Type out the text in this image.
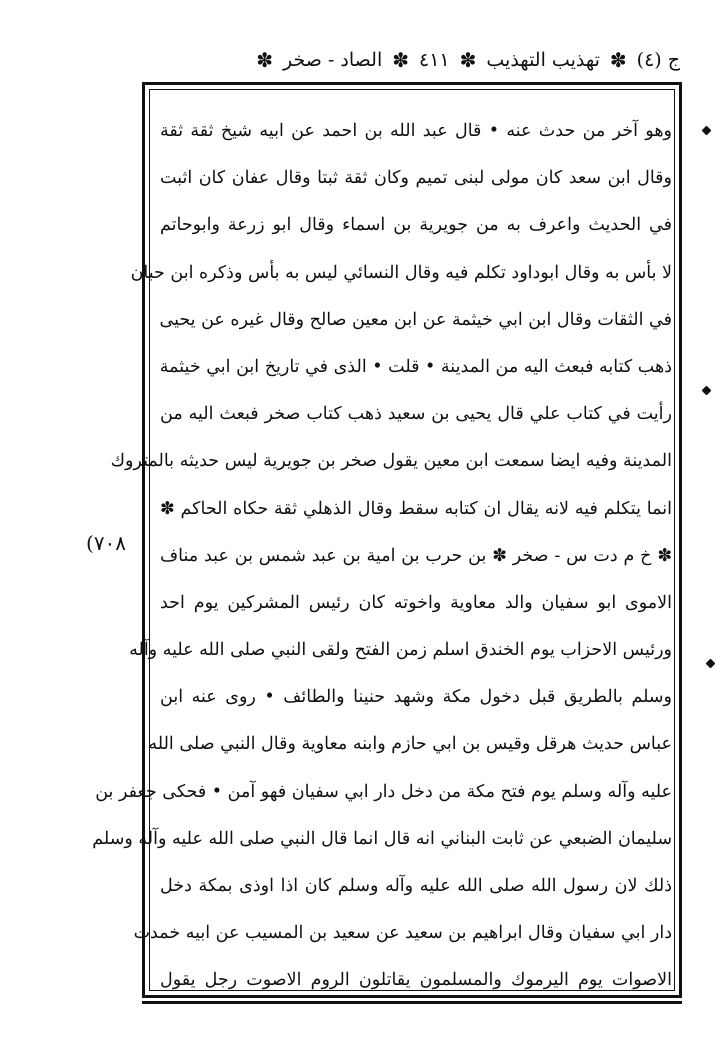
ج (٤)
✽
تهذيب التهذيب
✽
٤١١
✽
الصاد - صخر
✽
وهو آخر من حدث عنه • قال عبد الله بن احمد عن ابيه شيخ ثقة ثقة
وقال ابن سعد كان مولى لبنى تميم وكان ثقة ثبتا وقال عفان كان اثبت
في الحديث واعرف به من جويرية بن اسماء وقال ابو زرعة وابوحاتم
لا بأس به وقال ابوداود تكلم فيه وقال النسائي ليس به بأس وذكره ابن حبان
في الثقات وقال ابن ابي خيثمة عن ابن معين صالح وقال غيره عن يحيى
ذهب كتابه فبعث اليه من المدينة • قلت • الذى في تاريخ ابن ابي خيثمة
رأيت في كتاب علي قال يحيى بن سعيد ذهب كتاب صخر فبعث اليه من
المدينة وفيه ايضا سمعت ابن معين يقول صخر بن جويرية ليس حديثه بالمتروك
انما يتكلم فيه لانه يقال ان كتابه سقط وقال الذهلي ثقة حكاه الحاكم ✽
✽ خ م دت س - صخر ✽ بن حرب بن امية بن عبد شمس بن عبد مناف
الاموى ابو سفيان والد معاوية واخوته كان رئيس المشركين يوم احد
ورئيس الاحزاب يوم الخندق اسلم زمن الفتح ولقى النبي صلى الله عليه وآله
وسلم بالطريق قبل دخول مكة وشهد حنينا والطائف • روى عنه ابن
عباس حديث هرقل وقيس بن ابي حازم وابنه معاوية وقال النبي صلى الله
عليه وآله وسلم يوم فتح مكة من دخل دار ابي سفيان فهو آمن • فحكى جعفر بن
سليمان الضبعي عن ثابت البناني انه قال انما قال النبي صلى الله عليه وآله وسلم
ذلك لان رسول الله صلى الله عليه وآله وسلم كان اذا اوذى بمكة دخل
دار ابي سفيان وقال ابراهيم بن سعيد عن سعيد بن المسيب عن ابيه خمدت
الاصوات يوم اليرموك والمسلمون يقاتلون الروم الاصوت رجل يقول
(٧٠٨
